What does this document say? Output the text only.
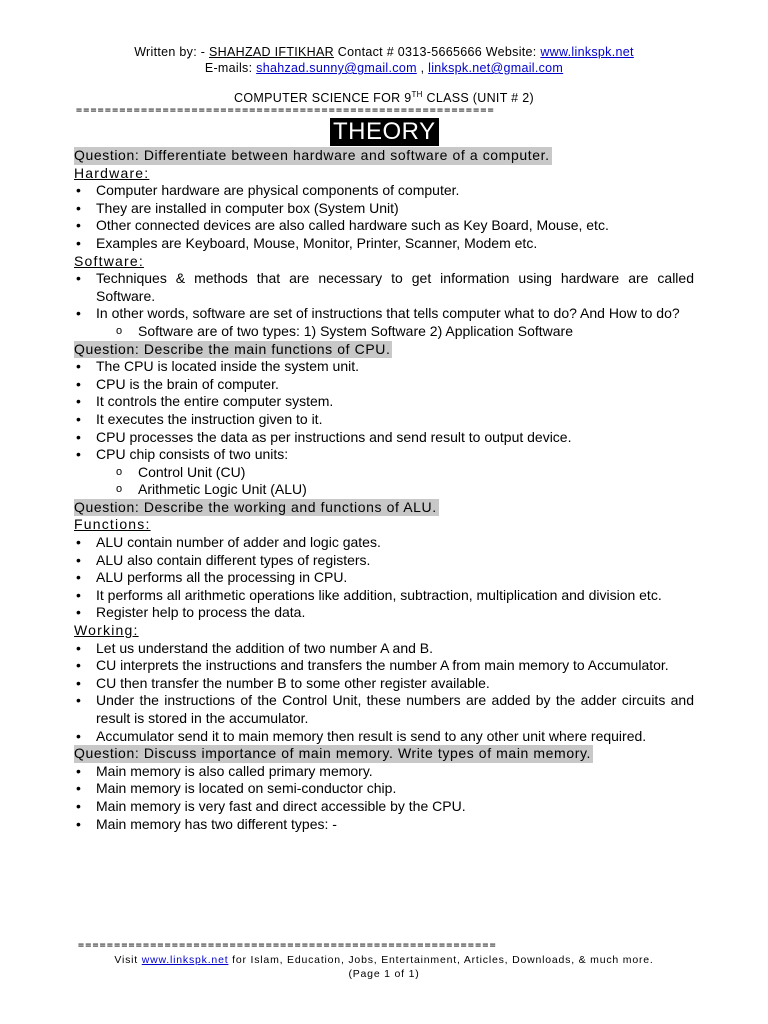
Written by: - SHAHZAD IFTIKHAR Contact # 0313-5665666 Website: www.linkspk.net
E-mails: shahzad.sunny@gmail.com , linkspk.net@gmail.com
COMPUTER SCIENCE FOR 9TH CLASS (UNIT # 2)
==========================================================
THEORY
Question: Differentiate between hardware and software of a computer.
Hardware:
• Computer hardware are physical components of computer.
• They are installed in computer box (System Unit)
• Other connected devices are also called hardware such as Key Board, Mouse, etc.
• Examples are Keyboard, Mouse, Monitor, Printer, Scanner, Modem etc.
Software:
• Techniques & methods that are necessary to get information using hardware are called Software.
• In other words, software are set of instructions that tells computer what to do? And How to do?
o Software are of two types: 1) System Software 2) Application Software
Question: Describe the main functions of CPU.
• The CPU is located inside the system unit.
• CPU is the brain of computer.
• It controls the entire computer system.
• It executes the instruction given to it.
• CPU processes the data as per instructions and send result to output device.
• CPU chip consists of two units:
o Control Unit (CU)
o Arithmetic Logic Unit (ALU)
Question: Describe the working and functions of ALU.
Functions:
• ALU contain number of adder and logic gates.
• ALU also contain different types of registers.
• ALU performs all the processing in CPU.
• It performs all arithmetic operations like addition, subtraction, multiplication and division etc.
• Register help to process the data.
Working:
• Let us understand the addition of two number A and B.
• CU interprets the instructions and transfers the number A from main memory to Accumulator.
• CU then transfer the number B to some other register available.
• Under the instructions of the Control Unit, these numbers are added by the adder circuits and result is stored in the accumulator.
• Accumulator send it to main memory then result is send to any other unit where required.
Question: Discuss importance of main memory. Write types of main memory.
• Main memory is also called primary memory.
• Main memory is located on semi-conductor chip.
• Main memory is very fast and direct accessible by the CPU.
• Main memory has two different types: -
==========================================================
Visit www.linkspk.net for Islam, Education, Jobs, Entertainment, Articles, Downloads, & much more.
(Page 1 of 1)
